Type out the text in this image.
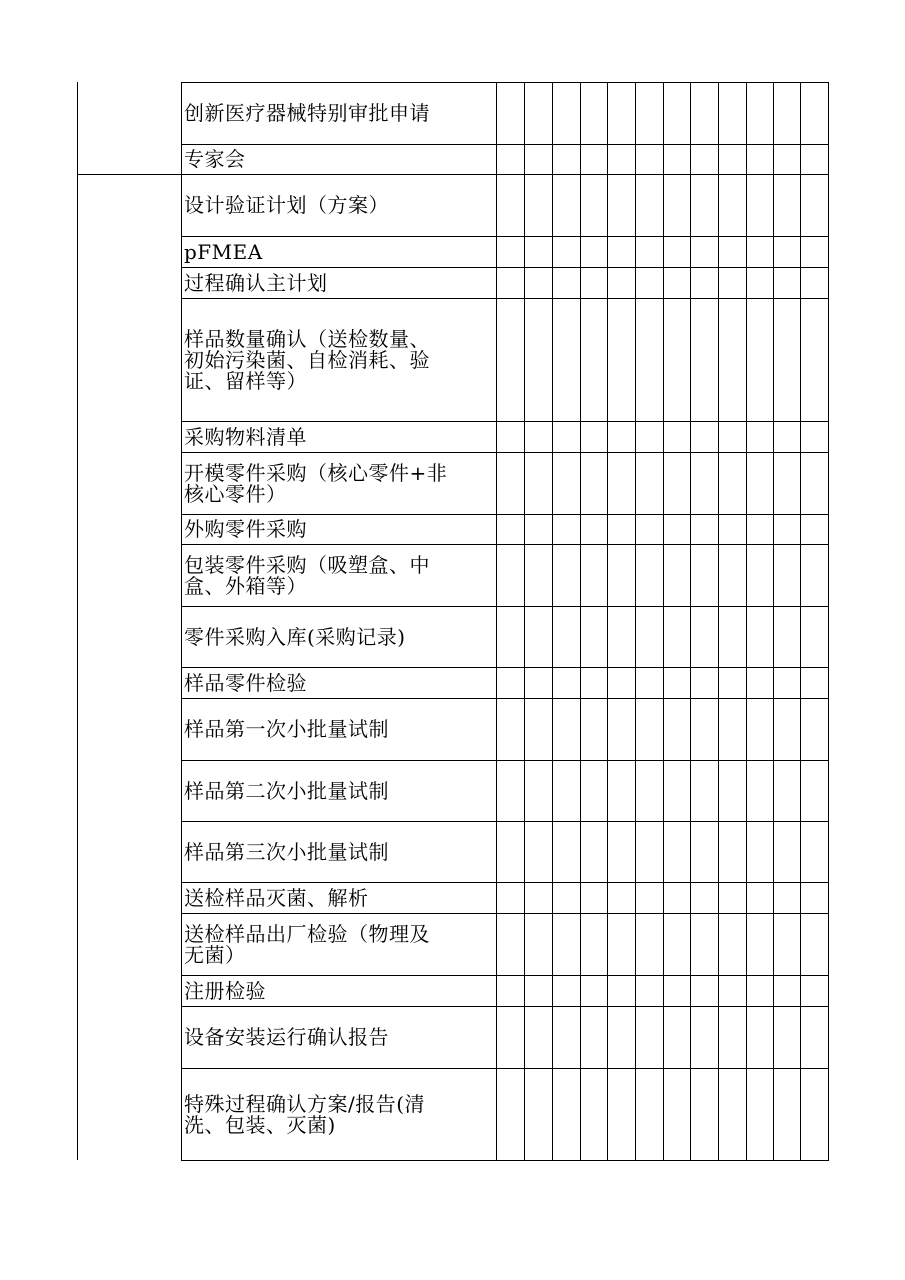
创新医疗器械特别审批申请
专家会
设计验证计划（方案）
pFMEA
过程确认主计划
样品数量确认（送检数量、
初始污染菌、自检消耗、验
证、留样等）
采购物料清单
开模零件采购（核心零件+非
核心零件）
外购零件采购
包装零件采购（吸塑盒、中
盒、外箱等）
零件采购入库(采购记录)
样品零件检验
样品第一次小批量试制
样品第二次小批量试制
样品第三次小批量试制
送检样品灭菌、解析
送检样品出厂检验（物理及
无菌）
注册检验
设备安装运行确认报告
特殊过程确认方案/报告(清
洗、包装、灭菌)
